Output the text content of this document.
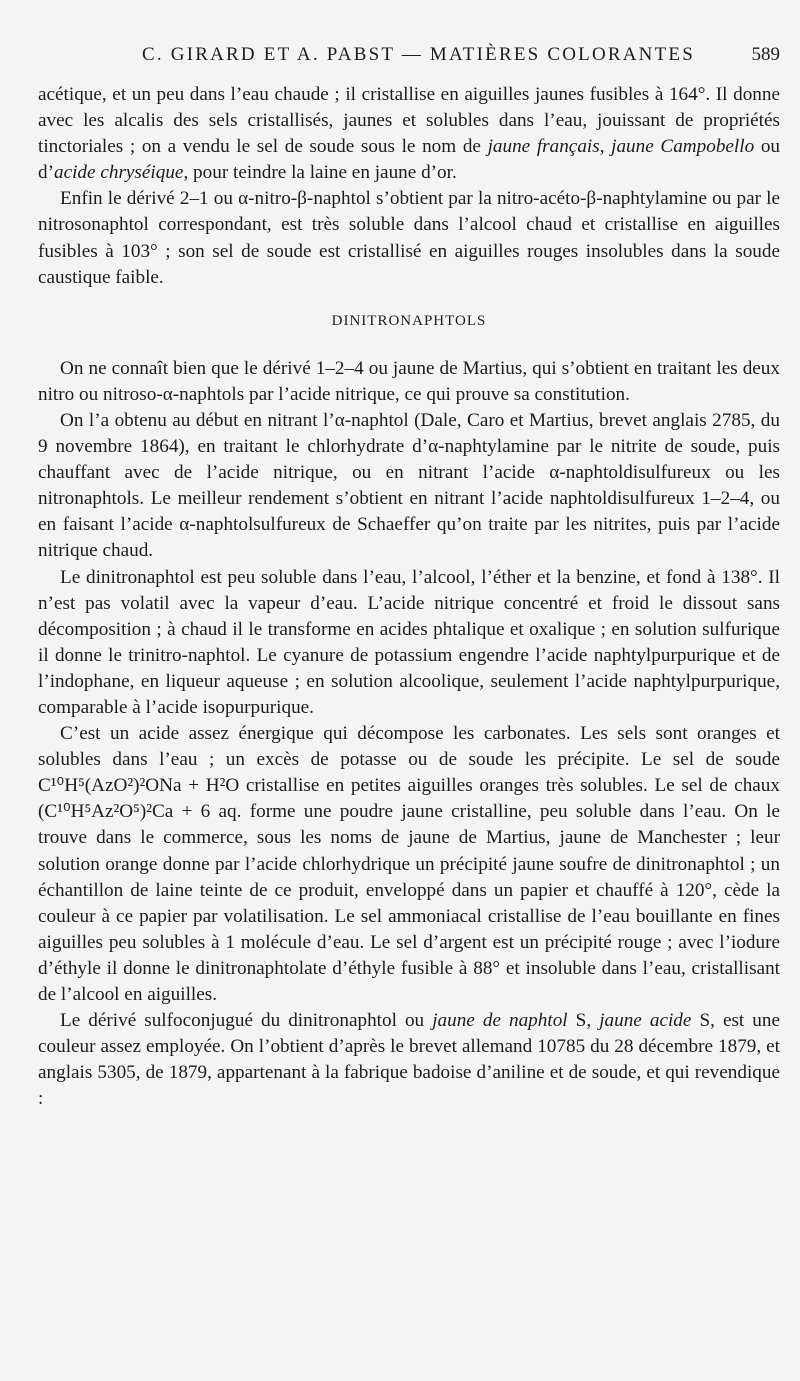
C. GIRARD ET A. PABST — MATIÈRES COLORANTES	589

acétique, et un peu dans l’eau chaude ; il cristallise en aiguilles jaunes fusibles à 164°. Il donne avec les alcalis des sels cristallisés, jaunes et solubles dans l’eau, jouissant de propriétés tinctoriales ; on a vendu le sel de soude sous le nom de jaune français, jaune Campobello ou d’acide chryséique, pour teindre la laine en jaune d’or.

Enfin le dérivé 2–1 ou α-nitro-β-naphtol s’obtient par la nitro-acéto-β-naphtylamine ou par le nitrosonaphtol correspondant, est très soluble dans l’alcool chaud et cristallise en aiguilles fusibles à 103° ; son sel de soude est cristallisé en aiguilles rouges insolubles dans la soude caustique faible.

DINITRONAPHTOLS

On ne connaît bien que le dérivé 1–2–4 ou jaune de Martius, qui s’obtient en traitant les deux nitro ou nitroso-α-naphtols par l’acide nitrique, ce qui prouve sa constitution.

On l’a obtenu au début en nitrant l’α-naphtol (Dale, Caro et Martius, brevet anglais 2785, du 9 novembre 1864), en traitant le chlorhydrate d’α-naphtylamine par le nitrite de soude, puis chauffant avec de l’acide nitrique, ou en nitrant l’acide α-naphtoldisulfureux ou les nitronaphtols. Le meilleur rendement s’obtient en nitrant l’acide naphtoldisulfureux 1–2–4, ou en faisant l’acide α-naphtolsulfureux de Schaeffer qu’on traite par les nitrites, puis par l’acide nitrique chaud.

Le dinitronaphtol est peu soluble dans l’eau, l’alcool, l’éther et la benzine, et fond à 138°. Il n’est pas volatil avec la vapeur d’eau. L’acide nitrique concentré et froid le dissout sans décomposition ; à chaud il le transforme en acides phtalique et oxalique ; en solution sulfurique il donne le trinitro-naphtol. Le cyanure de potassium engendre l’acide naphtylpurpurique et de l’indophane, en liqueur aqueuse ; en solution alcoolique, seulement l’acide naphtylpurpurique, comparable à l’acide isopurpurique.

C’est un acide assez énergique qui décompose les carbonates. Les sels sont oranges et solubles dans l’eau ; un excès de potasse ou de soude les précipite. Le sel de soude C¹⁰H⁵(AzO²)²ONa + H²O cristallise en petites aiguilles oranges très solubles. Le sel de chaux (C¹⁰H⁵Az²O⁵)²Ca + 6 aq. forme une poudre jaune cristalline, peu soluble dans l’eau. On le trouve dans le commerce, sous les noms de jaune de Martius, jaune de Manchester ; leur solution orange donne par l’acide chlorhydrique un précipité jaune soufre de dinitronaphtol ; un échantillon de laine teinte de ce produit, enveloppé dans un papier et chauffé à 120°, cède la couleur à ce papier par volatilisation. Le sel ammoniacal cristallise de l’eau bouillante en fines aiguilles peu solubles à 1 molécule d’eau. Le sel d’argent est un précipité rouge ; avec l’iodure d’éthyle il donne le dinitronaphtolate d’éthyle fusible à 88° et insoluble dans l’eau, cristallisant de l’alcool en aiguilles.

Le dérivé sulfoconjugué du dinitronaphtol ou jaune de naphtol S, jaune acide S, est une couleur assez employée. On l’obtient d’après le brevet allemand 10785 du 28 décembre 1879, et anglais 5305, de 1879, appartenant à la fabrique badoise d’aniline et de soude, et qui revendique :
